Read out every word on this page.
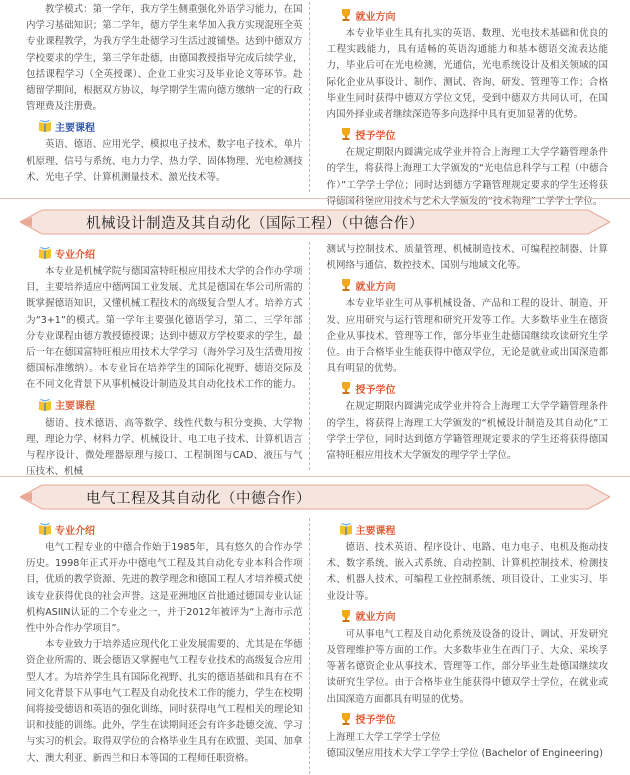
教学模式：第一学年，我方学生侧重强化外语学习能力，在国内学习基础知识；第二学年，德方学生来华加入我方实现混班全英专业课程教学，为我方学生赴德学习生活过渡铺垫。达到中德双方学校要求的学生，第三学年赴德，由德国教授指导完成后续学业，包括课程学习（全英授课）、企业工业实习及毕业论文等环节。赴德留学期间，根据双方协议，每学期学生需向德方缴纳一定的行政管理费及注册费。

主要课程

英语、德语、应用光学、模拟电子技术、数字电子技术、单片机原理、信号与系统、电力力学、热力学、固体物理、光电检测技术、光电子学、计算机测量技术、激光技术等。

就业方向

本专业毕业生具有扎实的英语、数理、光电技术基础和优良的工程实践能力，具有适畅的英语沟通能力和基本德语交流表达能力，毕业后可在光电检测，光通信，光电系统设计及相关领域的国际化企业从事设计、制作、测试、咨询、研发、管理等工作；合格毕业生同时获得中德双方学位文凭，受到中德双方共同认可，在国内国外择业或者继续深造等多向选择中具有更加显著的优势。

授予学位

在规定期限内圆满完成学业并符合上海理工大学学籍管理条件的学生，将获得上海理工大学颁发的“光电信息科学与工程（中德合作）”工学学士学位；同时达到德方学籍管理规定要求的学生还将获得德国科堡应用技术与艺术大学颁发的“技术物理”工学学士学位。

机械设计制造及其自动化（国际工程）（中德合作）
专业介绍

本专业是机械学院与德国富特旺根应用技术大学的合作办学项目，主要培养适应中德两国工业发展、尤其是德国在华公司所需的既掌握德语知识，又懂机械工程技术的高级复合型人才。培养方式为“3+1”的模式。第一学年主要强化德语学习，第二、三学年部分专业课程由德方教授德授课；达到中德双方学校要求的学生，最后一年在德国富特旺根应用技术大学学习（海外学习及生活费用按德国标准缴纳）。本专业旨在培养学生的国际化视野、德语交际及在不同文化背景下从事机械设计制造及其自动化技术工作的能力。

主要课程

德语、技术德语、高等数学、线性代数与积分变换、大学物理、理论力学、材料力学、机械设计、电工电子技术、计算机语言与程序设计、微处理器原理与接口、工程制图与CAD、液压与气压技术、机械

测试与控制技术、质量管理、机械制造技术、可编程控制器、计算机网络与通信、数控技术、国别与地域文化等。

就业方向

本专业毕业生可从事机械设备、产品和工程的设计、制造、开发、应用研究与运行管理和研究开发等工作。大多数毕业生在德资企业从事技术、管理等工作，部分毕业生赴德国继续攻读研究生学位。由于合格毕业生能获得中德双学位，无论是就业或出国深造都具有明显的优势。

授予学位

在规定期限内圆满完成学业并符合上海理工大学学籍管理条件的学生，将获得上海理工大学颁发的“机械设计制造及其自动化”工学学士学位，同时达到德方学籍管理规定要求的学生还将获得德国富特旺根应用技术大学颁发的理学学士学位。

电气工程及其自动化（中德合作）
专业介绍

电气工程专业的中德合作始于1985年，具有悠久的合作办学历史。1998年正式开办中德电气工程及其自动化专业本科合作项目，优质的教学资源、先进的教学理念和德国工程人才培养模式使该专业获得优良的社会声誉。这是亚洲地区首批通过德国专业认证机构ASIIN认证的二个专业之一，并于2012年被评为“上海市示范性中外合作办学项目”。

本专业致力于培养适应现代化工业发展需要的、尤其是在华德资企业所需的、既会德语又掌握电气工程专业技术的高级复合应用型人才。为培养学生具有国际化视野、扎实的德语基础和具有在不同文化背景下从事电气工程及自动化技术工作的能力，学生在校期间将接受德语和英语的强化训练，同时获得电气工程相关的理论知识和技能的训练。此外，学生在读期间还会有许多赴德交流、学习与实习的机会。取得双学位的合格毕业生具有在欧盟、美国、加拿大、澳大利亚、新西兰和日本等国的工程师任职资格。

主要课程

德语、技术英语、程序设计、电路、电力电子、电机及拖动技术、数字系统、嵌入式系统、自动控制、计算机控制技术、检测技术、机器人技术、可编程工业控制系统、项目设计、工业实习、毕业设计等。

就业方向

可从事电气工程及自动化系统及设备的设计、调试、开发研究及管理维护等方面的工作。大多数毕业生在西门子、大众、采埃孚等著名德资企业从事技术、管理等工作，部分毕业生赴德国继续攻读研究生学位。由于合格毕业生能获得中德双学士学位，在就业或出国深造方面都具有明显的优势。

授予学位

上海理工大学工学学士学位

德国汉堡应用技术大学工学学士学位 (Bachelor of Engineering)
